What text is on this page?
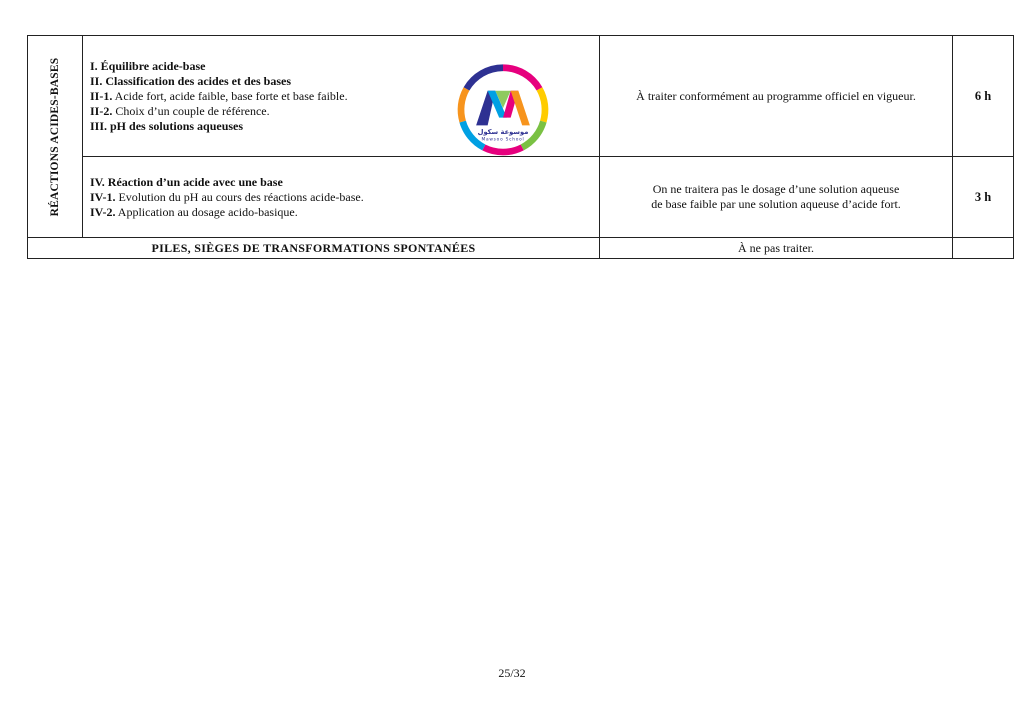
RÉACTIONS ACIDES-BASES	I. Équilibre acide-base
II. Classification des acides et des bases
II-1. Acide fort, acide faible, base forte et base faible.
II-2. Choix d’un couple de référence.
III. pH des solutions aqueuses	À traiter conformément au programme officiel en vigueur.	6 h

	IV. Réaction d’un acide avec une base
IV-1. Evolution du pH au cours des réactions acide-base.
IV-2. Application au dosage acido-basique.	On ne traitera pas le dosage d’une solution aqueuse
de base faible par une solution aqueuse d’acide fort.	3 h
PILES, SIÈGES DE TRANSFORMATIONS SPONTANÉES		À ne pas traiter.	
موسوعة سكول
Mawsoo School
25/32
